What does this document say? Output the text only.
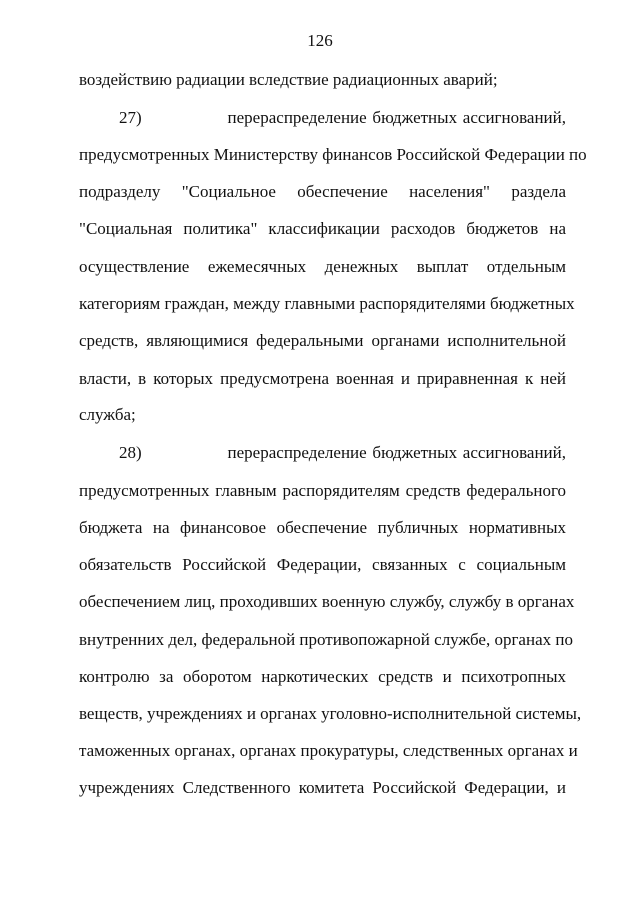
126
воздействию радиации вследствие радиационных аварий;
27)               перераспределение бюджетных ассигнований,
предусмотренных Министерству финансов Российской Федерации по
подразделу "Социальное обеспечение населения" раздела
"Социальная политика" классификации расходов бюджетов на
осуществление ежемесячных денежных выплат отдельным
категориям граждан, между главными распорядителями бюджетных
средств, являющимися федеральными органами исполнительной
власти, в которых предусмотрена военная и приравненная к ней
служба;
28)               перераспределение бюджетных ассигнований,
предусмотренных главным распорядителям средств федерального
бюджета на финансовое обеспечение публичных нормативных
обязательств Российской Федерации, связанных с социальным
обеспечением лиц, проходивших военную службу, службу в органах
внутренних дел, федеральной противопожарной службе, органах по
контролю за оборотом наркотических средств и психотропных
веществ, учреждениях и органах уголовно-исполнительной системы,
таможенных органах, органах прокуратуры, следственных органах и
учреждениях Следственного комитета Российской Федерации, и
